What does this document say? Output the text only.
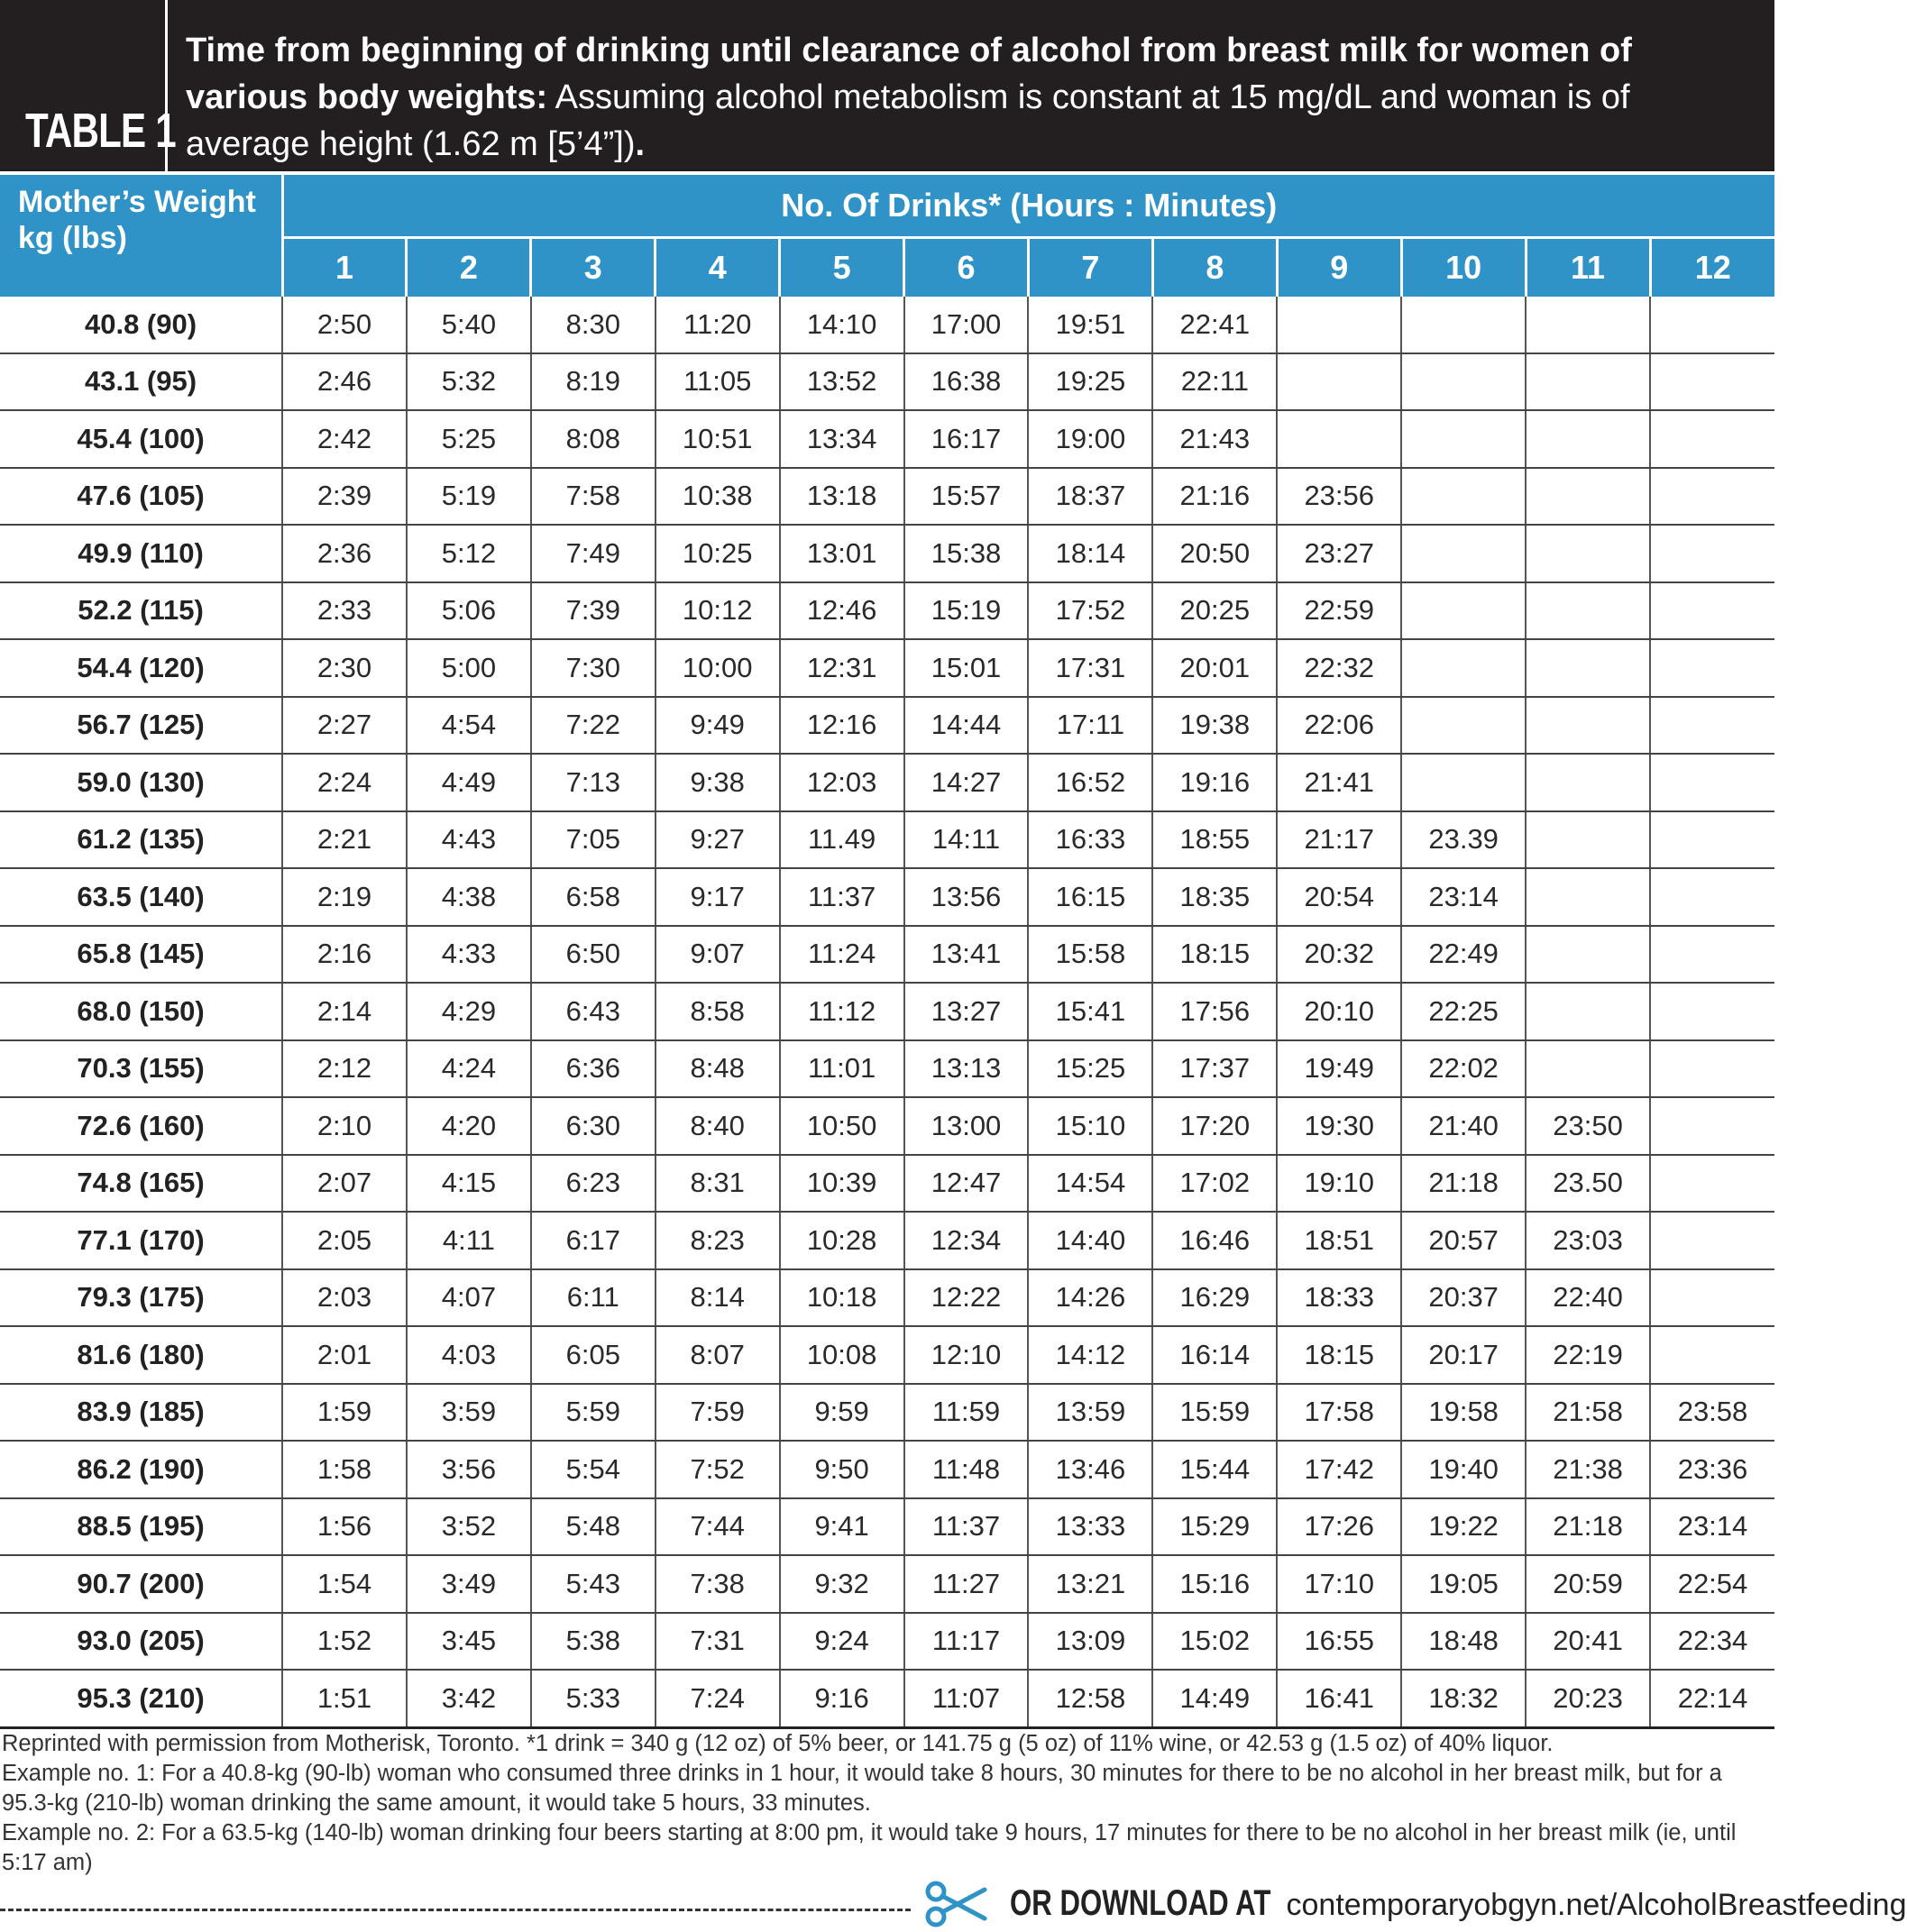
TABLE 1
Time from beginning of drinking until clearance of alcohol from breast milk for women of various body weights: Assuming alcohol metabolism is constant at 15 mg/dL and woman is of average height (1.62 m [5’4”]).
Mother’s Weight kg (lbs)	No. Of Drinks* (Hours : Minutes)											
	1	2	3	4	5	6	7	8	9	10	11	12
40.8 (90)	2:50	5:40	8:30	11:20	14:10	17:00	19:51	22:41				
43.1 (95)	2:46	5:32	8:19	11:05	13:52	16:38	19:25	22:11				
45.4 (100)	2:42	5:25	8:08	10:51	13:34	16:17	19:00	21:43				
47.6 (105)	2:39	5:19	7:58	10:38	13:18	15:57	18:37	21:16	23:56			
49.9 (110)	2:36	5:12	7:49	10:25	13:01	15:38	18:14	20:50	23:27			
52.2 (115)	2:33	5:06	7:39	10:12	12:46	15:19	17:52	20:25	22:59			
54.4 (120)	2:30	5:00	7:30	10:00	12:31	15:01	17:31	20:01	22:32			
56.7 (125)	2:27	4:54	7:22	9:49	12:16	14:44	17:11	19:38	22:06			
59.0 (130)	2:24	4:49	7:13	9:38	12:03	14:27	16:52	19:16	21:41			
61.2 (135)	2:21	4:43	7:05	9:27	11.49	14:11	16:33	18:55	21:17	23.39		
63.5 (140)	2:19	4:38	6:58	9:17	11:37	13:56	16:15	18:35	20:54	23:14		
65.8 (145)	2:16	4:33	6:50	9:07	11:24	13:41	15:58	18:15	20:32	22:49		
68.0 (150)	2:14	4:29	6:43	8:58	11:12	13:27	15:41	17:56	20:10	22:25		
70.3 (155)	2:12	4:24	6:36	8:48	11:01	13:13	15:25	17:37	19:49	22:02		
72.6 (160)	2:10	4:20	6:30	8:40	10:50	13:00	15:10	17:20	19:30	21:40	23:50	
74.8 (165)	2:07	4:15	6:23	8:31	10:39	12:47	14:54	17:02	19:10	21:18	23.50	
77.1 (170)	2:05	4:11	6:17	8:23	10:28	12:34	14:40	16:46	18:51	20:57	23:03	
79.3 (175)	2:03	4:07	6:11	8:14	10:18	12:22	14:26	16:29	18:33	20:37	22:40	
81.6 (180)	2:01	4:03	6:05	8:07	10:08	12:10	14:12	16:14	18:15	20:17	22:19	
83.9 (185)	1:59	3:59	5:59	7:59	9:59	11:59	13:59	15:59	17:58	19:58	21:58	23:58
86.2 (190)	1:58	3:56	5:54	7:52	9:50	11:48	13:46	15:44	17:42	19:40	21:38	23:36
88.5 (195)	1:56	3:52	5:48	7:44	9:41	11:37	13:33	15:29	17:26	19:22	21:18	23:14
90.7 (200)	1:54	3:49	5:43	7:38	9:32	11:27	13:21	15:16	17:10	19:05	20:59	22:54
93.0 (205)	1:52	3:45	5:38	7:31	9:24	11:17	13:09	15:02	16:55	18:48	20:41	22:34
95.3 (210)	1:51	3:42	5:33	7:24	9:16	11:07	12:58	14:49	16:41	18:32	20:23	22:14

Reprinted with permission from Motherisk, Toronto. *1 drink = 340 g (12 oz) of 5% beer, or 141.75 g (5 oz) of 11% wine, or 42.53 g (1.5 oz) of 40% liquor.

Example no. 1: For a 40.8-kg (90-lb) woman who consumed three drinks in 1 hour, it would take 8 hours, 30 minutes for there to be no alcohol in her breast milk, but for a 95.3-kg (210-lb) woman drinking the same amount, it would take 5 hours, 33 minutes.

Example no. 2: For a 63.5-kg (140-lb) woman drinking four beers starting at 8:00 pm, it would take 9 hours, 17 minutes for there to be no alcohol in her breast milk (ie, until 5:17 am)

OR DOWNLOAD AT contemporaryobgyn.net/AlcoholBreastfeeding
